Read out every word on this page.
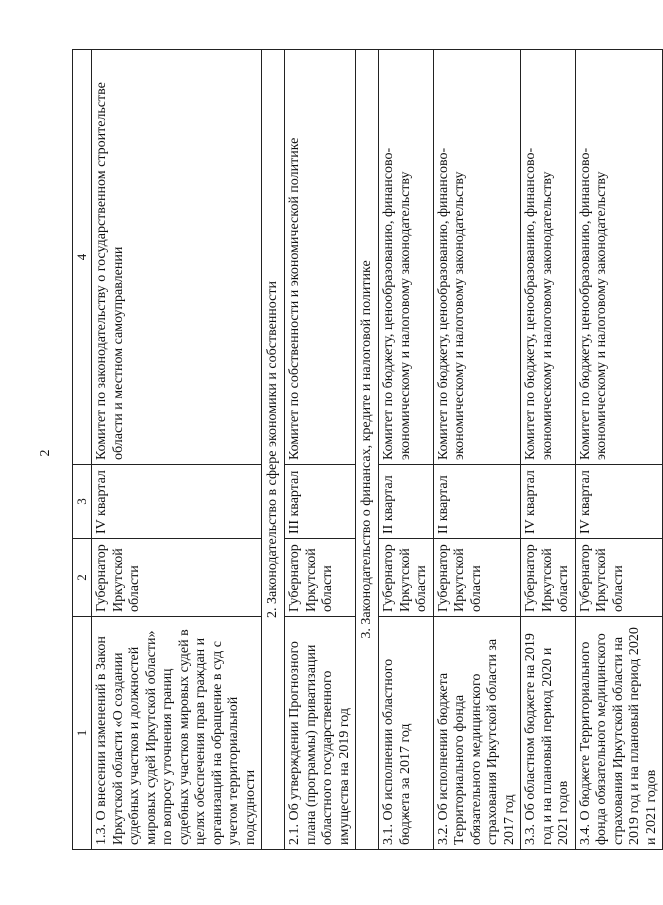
2
1	2	3	4
1.3. О внесении изменений в Закон Иркутской области «О создании судебных участков и должностей мировых судей Иркутской области» по вопросу уточнения границ судебных участков мировых судей в целях обеспечения прав граждан и организаций на обращение в суд с учетом территориальной подсудности	Губернатор Иркутской области	IV квартал	Комитет по законодательству о государственном строительстве области и местном самоуправлении
2. Законодательство в сфере экономики и собственности			
2.1. Об утверждении Прогнозного плана (программы) приватизации областного государственного имущества на 2019 год	Губернатор Иркутской области	III квартал	Комитет по собственности и экономической политике
3. Законодательство о финансах, кредите и налоговой политике			
3.1. Об исполнении областного бюджета за 2017 год	Губернатор Иркутской области	II квартал	Комитет по бюджету, ценообразованию, финансово-экономическому и налоговому законодательству
3.2. Об исполнении бюджета Территориального фонда обязательного медицинского страхования Иркутской области за 2017 год	Губернатор Иркутской области	II квартал	Комитет по бюджету, ценообразованию, финансово-экономическому и налоговому законодательству
3.3. Об областном бюджете на 2019 год и на плановый период 2020 и 2021 годов	Губернатор Иркутской области	IV квартал	Комитет по бюджету, ценообразованию, финансово-экономическому и налоговому законодательству
3.4. О бюджете Территориального фонда обязательного медицинского страхования Иркутской области на 2019 год и на плановый период 2020 и 2021 годов	Губернатор Иркутской области	IV квартал	Комитет по бюджету, ценообразованию, финансово-экономическому и налоговому законодательству
